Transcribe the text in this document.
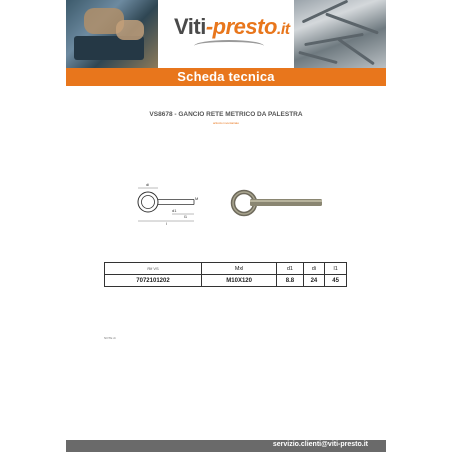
Viti-presto.it
Scheda tecnica
VS8678 - GANCIO RETE METRICO DA PALESTRA
articolo inventariato
di
d1
l1
l
M
Rif VS	Mxl	d1	di	l1
7072101202	M10X120	8.8	24	45
NOTE di
servizio.clienti@viti-presto.it
